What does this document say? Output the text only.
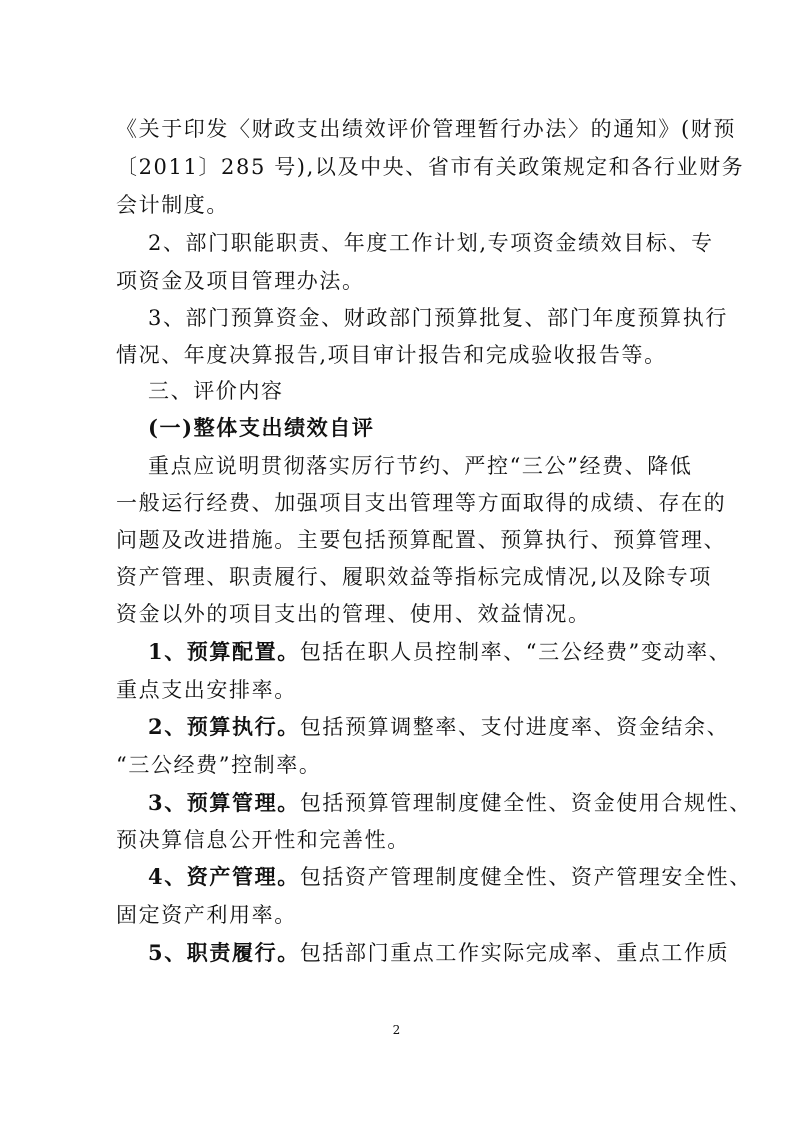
《关于印发〈财政支出绩效评价管理暂行办法〉的通知》(财预
〔2011〕285 号),以及中央、省市有关政策规定和各行业财务
会计制度。
2、部门职能职责、年度工作计划,专项资金绩效目标、专
项资金及项目管理办法。
3、部门预算资金、财政部门预算批复、部门年度预算执行
情况、年度决算报告,项目审计报告和完成验收报告等。
三、评价内容
(一)整体支出绩效自评
重点应说明贯彻落实厉行节约、严控“三公”经费、降低
一般运行经费、加强项目支出管理等方面取得的成绩、存在的
问题及改进措施。主要包括预算配置、预算执行、预算管理、
资产管理、职责履行、履职效益等指标完成情况,以及除专项
资金以外的项目支出的管理、使用、效益情况。
1、预算配置。包括在职人员控制率、“三公经费”变动率、
重点支出安排率。
2、预算执行。包括预算调整率、支付进度率、资金结余、
“三公经费”控制率。
3、预算管理。包括预算管理制度健全性、资金使用合规性、
预决算信息公开性和完善性。
4、资产管理。包括资产管理制度健全性、资产管理安全性、
固定资产利用率。
5、职责履行。包括部门重点工作实际完成率、重点工作质
2
